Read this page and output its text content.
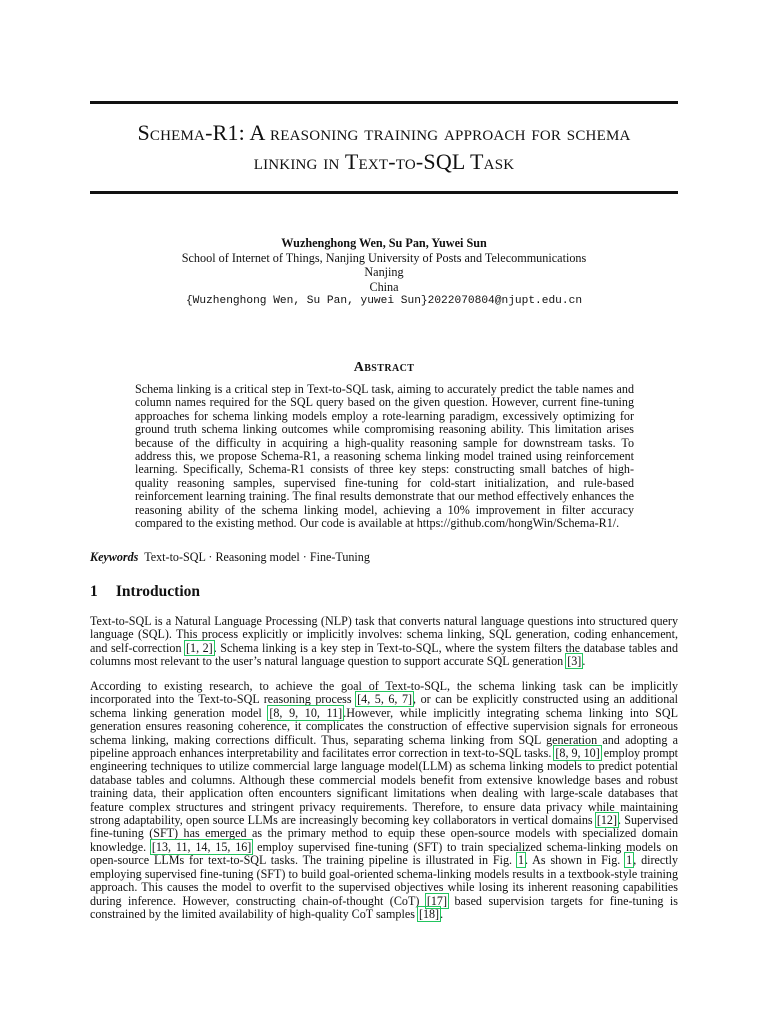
Schema-R1: A reasoning training approach for schema
linking in Text-to-SQL Task
Wuzhenghong Wen, Su Pan, Yuwei Sun
School of Internet of Things, Nanjing University of Posts and Telecommunications
Nanjing
China
{Wuzhenghong Wen, Su Pan, yuwei Sun}2022070804@njupt.edu.cn
Abstract
Schema linking is a critical step in Text-to-SQL task, aiming to accurately predict the table names and column names required for the SQL query based on the given question. However, current fine-tuning approaches for schema linking models employ a rote-learning paradigm, excessively optimizing for ground truth schema linking outcomes while compromising reasoning ability. This limitation arises because of the difficulty in acquiring a high-quality reasoning sample for downstream tasks. To address this, we propose Schema-R1, a reasoning schema linking model trained using reinforcement learning. Specifically, Schema-R1 consists of three key steps: constructing small batches of high-quality reasoning samples, supervised fine-tuning for cold-start initialization, and rule-based reinforcement learning training. The final results demonstrate that our method effectively enhances the reasoning ability of the schema linking model, achieving a 10% improvement in filter accuracy compared to the existing method. Our code is available at https://github.com/hongWin/Schema-R1/.
Keywords Text-to-SQL · Reasoning model · Fine-Tuning
1 Introduction
Text-to-SQL is a Natural Language Processing (NLP) task that converts natural language questions into structured query language (SQL). This process explicitly or implicitly involves: schema linking, SQL generation, coding enhancement, and self-correction [1, 2]. Schema linking is a key step in Text-to-SQL, where the system filters the database tables and columns most relevant to the user’s natural language question to support accurate SQL generation [3].
According to existing research, to achieve the goal of Text-to-SQL, the schema linking task can be implicitly incorporated into the Text-to-SQL reasoning process [4, 5, 6, 7], or can be explicitly constructed using an additional schema linking generation model [8, 9, 10, 11].However, while implicitly integrating schema linking into SQL generation ensures reasoning coherence, it complicates the construction of effective supervision signals for erroneous schema linking, making corrections difficult. Thus, separating schema linking from SQL generation and adopting a pipeline approach enhances interpretability and facilitates error correction in text-to-SQL tasks. [8, 9, 10] employ prompt engineering techniques to utilize commercial large language model(LLM) as schema linking models to predict potential database tables and columns. Although these commercial models benefit from extensive knowledge bases and robust training data, their application often encounters significant limitations when dealing with large-scale databases that feature complex structures and stringent privacy requirements. Therefore, to ensure data privacy while maintaining strong adaptability, open source LLMs are increasingly becoming key collaborators in vertical domains [12]. Supervised fine-tuning (SFT) has emerged as the primary method to equip these open-source models with specialized domain knowledge. [13, 11, 14, 15, 16] employ supervised fine-tuning (SFT) to train specialized schema-linking models on open-source LLMs for text-to-SQL tasks. The training pipeline is illustrated in Fig. 1. As shown in Fig. 1, directly employing supervised fine-tuning (SFT) to build goal-oriented schema-linking models results in a textbook-style training approach. This causes the model to overfit to the supervised objectives while losing its inherent reasoning capabilities during inference. However, constructing chain-of-thought (CoT) [17] based supervision targets for fine-tuning is constrained by the limited availability of high-quality CoT samples [18].
